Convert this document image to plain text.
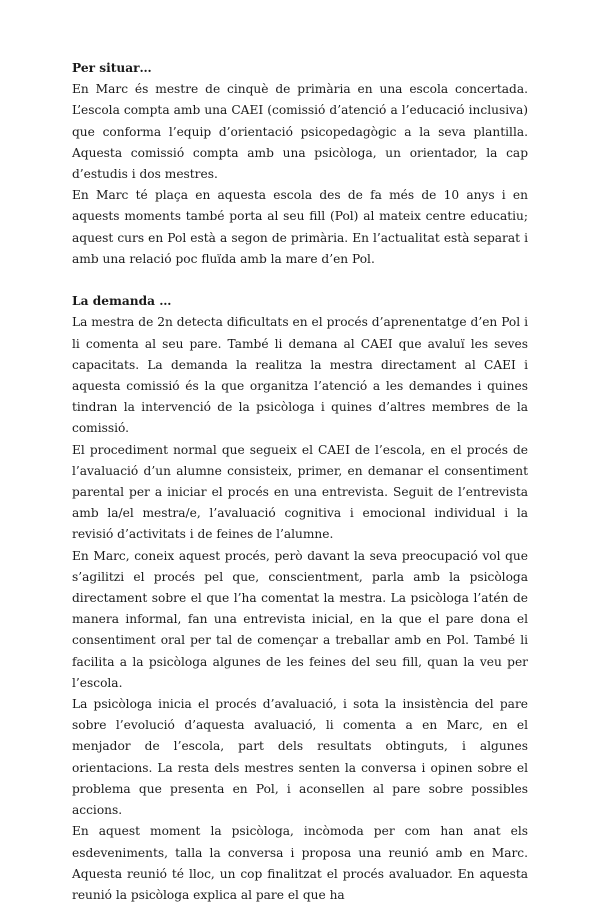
Per situar…

En Marc és mestre de cinquè de primària en una escola concertada. L’escola compta amb una CAEI (comissió d’atenció a l’educació inclusiva) que conforma l’equip d’orientació psicopedagògic a la seva plantilla. Aquesta comissió compta amb una psicòloga, un orientador, la cap d’estudis i dos mestres.

En Marc té plaça en aquesta escola des de fa més de 10 anys i en aquests moments també porta al seu fill (Pol) al mateix centre educatiu; aquest curs en Pol està a segon de primària. En l’actualitat està separat i amb una relació poc fluïda amb la mare d’en Pol.

La demanda …

La mestra de 2n detecta dificultats en el procés d’aprenentatge d’en Pol i li comenta al seu pare. També li demana al CAEI que avaluï les seves capacitats. La demanda la realitza la mestra directament al CAEI i aquesta comissió és la que organitza l’atenció a les demandes i quines tindran la intervenció de la psicòloga i quines d’altres membres de la comissió.

El procediment normal que segueix el CAEI de l’escola, en el procés de l’avaluació d’un alumne consisteix, primer, en demanar el consentiment parental per a iniciar el procés en una entrevista. Seguit de l’entrevista amb la/el mestra/e, l’avaluació cognitiva i emocional individual i la revisió d’activitats i de feines de l’alumne.

En Marc, coneix aquest procés, però davant la seva preocupació vol que s’agilitzi el procés pel que, conscientment, parla amb la psicòloga directament sobre el que l’ha comentat la mestra. La psicòloga l’atén de manera informal, fan una entrevista inicial, en la que el pare dona el consentiment oral per tal de començar a treballar amb en Pol. També li facilita a la psicòloga algunes de les feines del seu fill, quan la veu per l’escola.

La psicòloga inicia el procés d’avaluació, i sota la insistència del pare sobre l’evolució d’aquesta avaluació, li comenta a en Marc, en el menjador de l’escola, part dels resultats obtinguts, i algunes orientacions. La resta dels mestres senten la conversa i opinen sobre el problema que presenta en Pol, i aconsellen al pare sobre possibles accions.

En aquest moment la psicòloga, incòmoda per com han anat els esdeveniments, talla la conversa i proposa una reunió amb en Marc. Aquesta reunió té lloc, un cop finalitzat el procés avaluador. En aquesta reunió la psicòloga explica al pare el que ha
